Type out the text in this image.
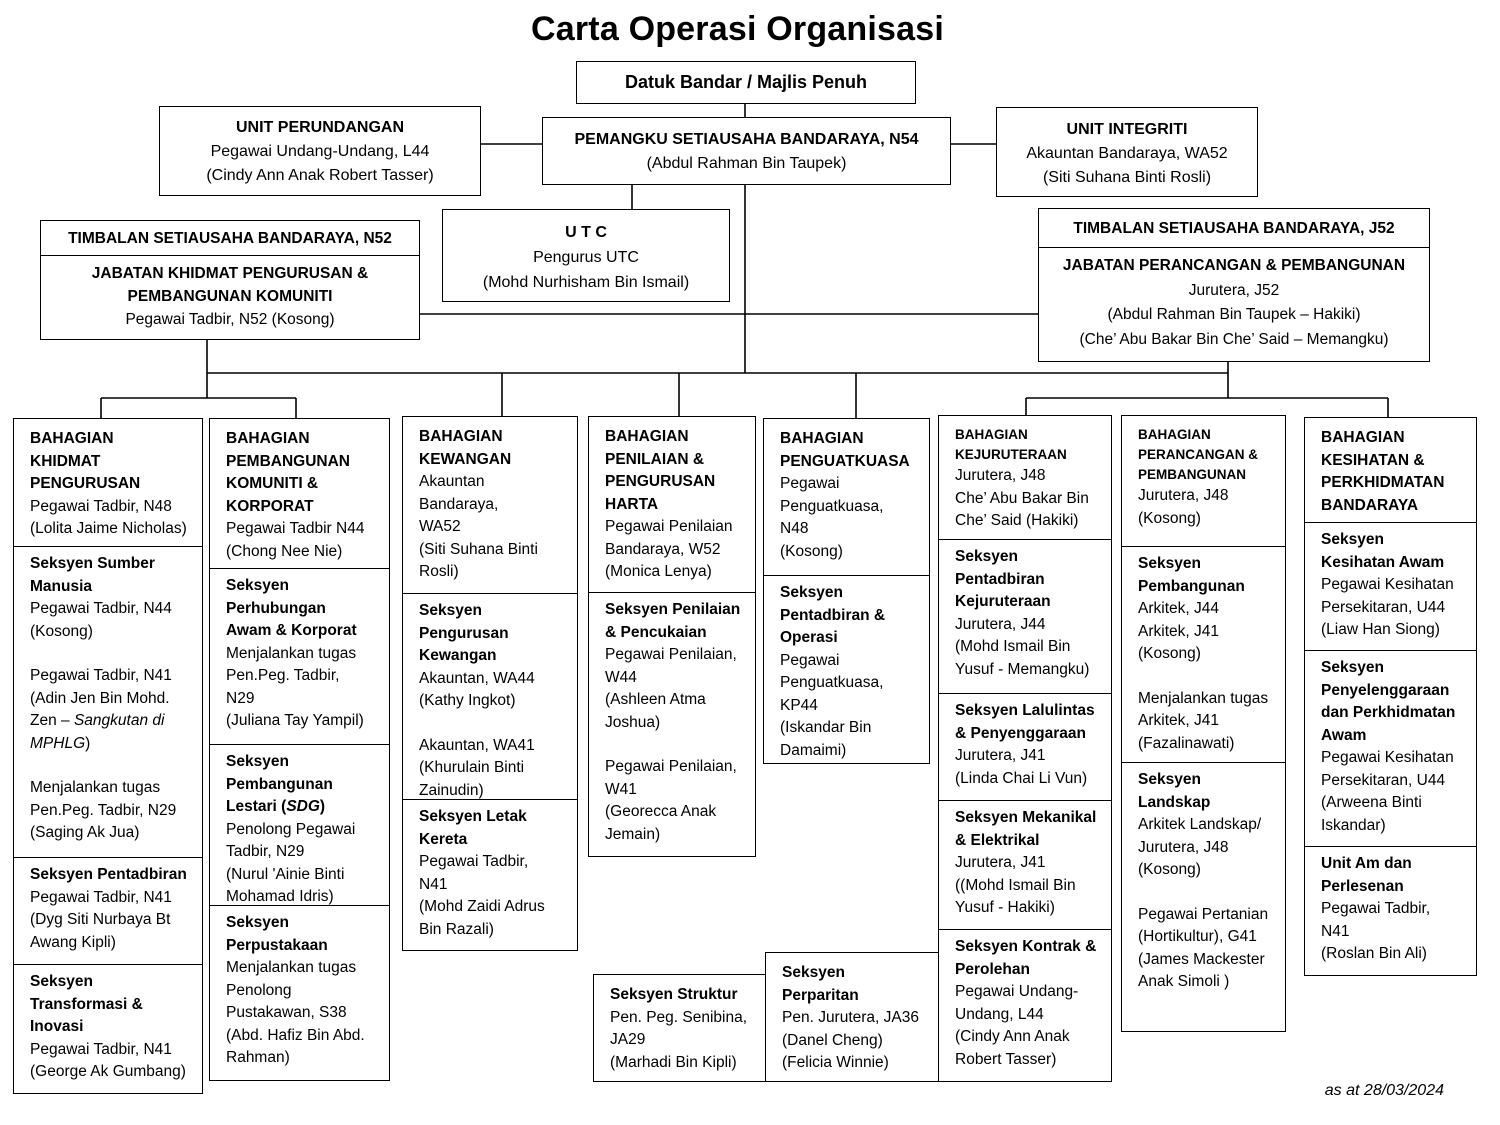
Carta Operasi Organisasi
Datuk Bandar / Majlis Penuh
UNIT PERUNDANGAN
Pegawai Undang-Undang, L44
(Cindy Ann Anak Robert Tasser)
PEMANGKU SETIAUSAHA BANDARAYA, N54
(Abdul Rahman Bin Taupek)
UNIT INTEGRITI
Akauntan Bandaraya, WA52
(Siti Suhana Binti Rosli)
U T C
Pengurus UTC
(Mohd Nurhisham Bin Ismail)
TIMBALAN SETIAUSAHA BANDARAYA, N52
JABATAN KHIDMAT PENGURUSAN &
PEMBANGUNAN KOMUNITI
Pegawai Tadbir, N52 (Kosong)
TIMBALAN SETIAUSAHA BANDARAYA, J52
JABATAN PERANCANGAN & PEMBANGUNAN
Jurutera, J52
(Abdul Rahman Bin Taupek – Hakiki)
(Che’ Abu Bakar Bin Che’ Said – Memangku)
BAHAGIAN
KHIDMAT
PENGURUSAN
Pegawai Tadbir, N48
(Lolita Jaime Nicholas)
Seksyen Sumber
Manusia
Pegawai Tadbir, N44
(Kosong)
Pegawai Tadbir, N41
(Adin Jen Bin Mohd.
Zen – Sangkutan di
MPHLG)
Menjalankan tugas
Pen.Peg. Tadbir, N29
(Saging Ak Jua)
Seksyen Pentadbiran
Pegawai Tadbir, N41
(Dyg Siti Nurbaya Bt
Awang Kipli)
Seksyen
Transformasi &
Inovasi
Pegawai Tadbir, N41
(George Ak Gumbang)
BAHAGIAN
PEMBANGUNAN
KOMUNITI &
KORPORAT
Pegawai Tadbir N44
(Chong Nee Nie)
Seksyen
Perhubungan
Awam & Korporat
Menjalankan tugas
Pen.Peg. Tadbir,
N29
(Juliana Tay Yampil)
Seksyen
Pembangunan
Lestari (SDG)
Penolong Pegawai
Tadbir, N29
(Nurul 'Ainie Binti
Mohamad Idris)
Seksyen
Perpustakaan
Menjalankan tugas
Penolong
Pustakawan, S38
(Abd. Hafiz Bin Abd.
Rahman)
BAHAGIAN
KEWANGAN
Akauntan
Bandaraya,
WA52
(Siti Suhana Binti
Rosli)
Seksyen
Pengurusan
Kewangan
Akauntan, WA44
(Kathy Ingkot)
Akauntan, WA41
(Khurulain Binti
Zainudin)
Seksyen Letak
Kereta
Pegawai Tadbir,
N41
(Mohd Zaidi Adrus
Bin Razali)
BAHAGIAN
PENILAIAN &
PENGURUSAN
HARTA
Pegawai Penilaian
Bandaraya, W52
(Monica Lenya)
Seksyen Penilaian
& Pencukaian
Pegawai Penilaian,
W44
(Ashleen Atma
Joshua)
Pegawai Penilaian,
W41
(Georecca Anak
Jemain)
BAHAGIAN
PENGUATKUASA
Pegawai
Penguatkuasa,
N48
(Kosong)
Seksyen
Pentadbiran &
Operasi
Pegawai
Penguatkuasa,
KP44
(Iskandar Bin
Damaimi)
BAHAGIAN
KEJURUTERAAN
Jurutera, J48
Che’ Abu Bakar Bin
Che’ Said (Hakiki)
Seksyen
Pentadbiran
Kejuruteraan
Jurutera, J44
(Mohd Ismail Bin
Yusuf - Memangku)
Seksyen Lalulintas
& Penyenggaraan
Jurutera, J41
(Linda Chai Li Vun)
Seksyen Mekanikal
& Elektrikal
Jurutera, J41
((Mohd Ismail Bin
Yusuf - Hakiki)
Seksyen Kontrak &
Perolehan
Pegawai Undang-
Undang, L44
(Cindy Ann Anak
Robert Tasser)
BAHAGIAN
PERANCANGAN &
PEMBANGUNAN
Jurutera, J48
(Kosong)
Seksyen
Pembangunan
Arkitek, J44
Arkitek, J41
(Kosong)
Menjalankan tugas
Arkitek, J41
(Fazalinawati)
Seksyen
Landskap
Arkitek Landskap/
Jurutera, J48
(Kosong)
Pegawai Pertanian
(Hortikultur), G41
(James Mackester
Anak Simoli )
BAHAGIAN
KESIHATAN &
PERKHIDMATAN
BANDARAYA
Seksyen
Kesihatan Awam
Pegawai Kesihatan
Persekitaran, U44
(Liaw Han Siong)
Seksyen
Penyelenggaraan
dan Perkhidmatan
Awam
Pegawai Kesihatan
Persekitaran, U44
(Arweena Binti
Iskandar)
Unit Am dan
Perlesenan
Pegawai Tadbir,
N41
(Roslan Bin Ali)
Seksyen Struktur
Pen. Peg. Senibina,
JA29
(Marhadi Bin Kipli)
Seksyen
Perparitan
Pen. Jurutera, JA36
(Danel Cheng)
(Felicia Winnie)
as at 28/03/2024
